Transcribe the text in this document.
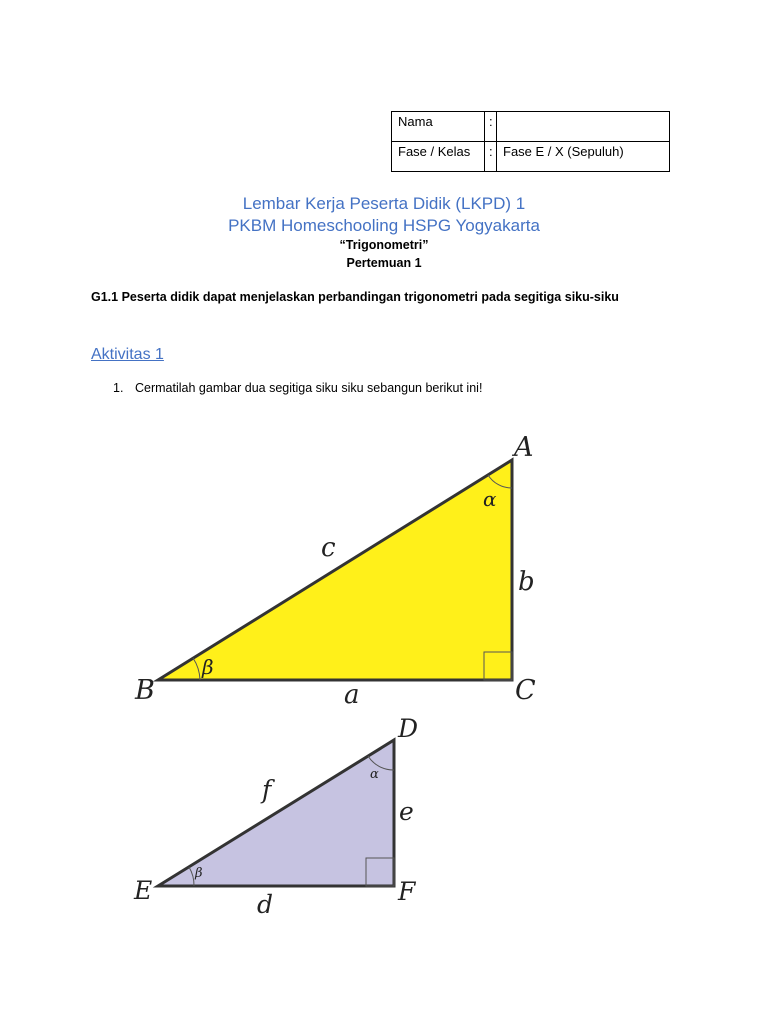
Nama	:	
Fase / Kelas	:	Fase E / X (Sepuluh)
Lembar Kerja Peserta Didik (LKPD) 1
PKBM Homeschooling HSPG Yogyakarta
“Trigonometri”
Pertemuan 1
G1.1 Peserta didik dapat menjelaskan perbandingan trigonometri pada segitiga siku-siku
Aktivitas 1
1. Cermatilah gambar dua segitiga siku siku sebangun berikut ini!
A
B	C
a
b
c
α
β
D
E	F
d
e
f
α
β
